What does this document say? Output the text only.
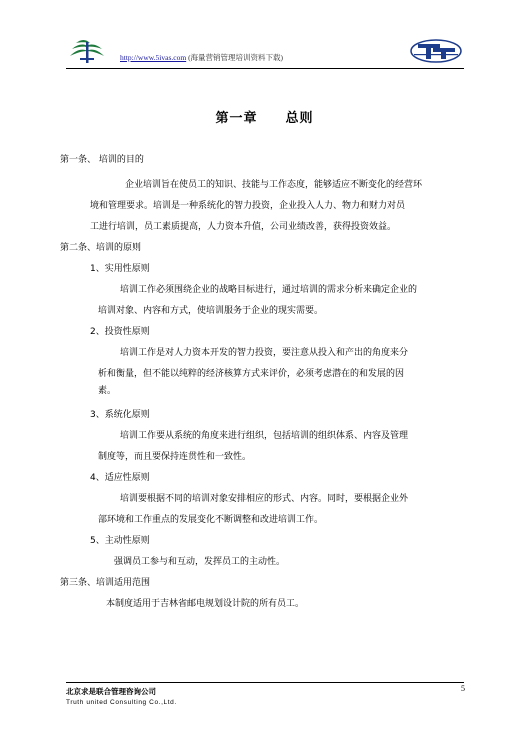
http://www.5ivas.com (海量营销管理培训资料下载)
第一章　　总则
第一条、 培训的目的
企业培训旨在使员工的知识、技能与工作态度，能够适应不断变化的经营环
境和管理要求。培训是一种系统化的智力投资，企业投入人力、物力和财力对员
工进行培训，员工素质提高，人力资本升值，公司业绩改善，获得投资效益。
第二条、培训的原则
1、实用性原则
培训工作必须围绕企业的战略目标进行，通过培训的需求分析来确定企业的
培训对象、内容和方式，使培训服务于企业的现实需要。
2、投资性原则
培训工作是对人力资本开发的智力投资，要注意从投入和产出的角度来分
析和衡量，但不能以纯粹的经济核算方式来评价，必须考虑潜在的和发展的因
素。
3、系统化原则
培训工作要从系统的角度来进行组织，包括培训的组织体系、内容及管理
制度等，而且要保持连贯性和一致性。
4、适应性原则
培训要根据不同的培训对象安排相应的形式、内容。同时，要根据企业外
部环境和工作重点的发展变化不断调整和改进培训工作。
5、主动性原则
强调员工参与和互动，发挥员工的主动性。
第三条、培训适用范围
本制度适用于吉林省邮电规划设计院的所有员工。
北京求是联合管理咨询公司
Truth united Consulting Co.,Ltd.
5
